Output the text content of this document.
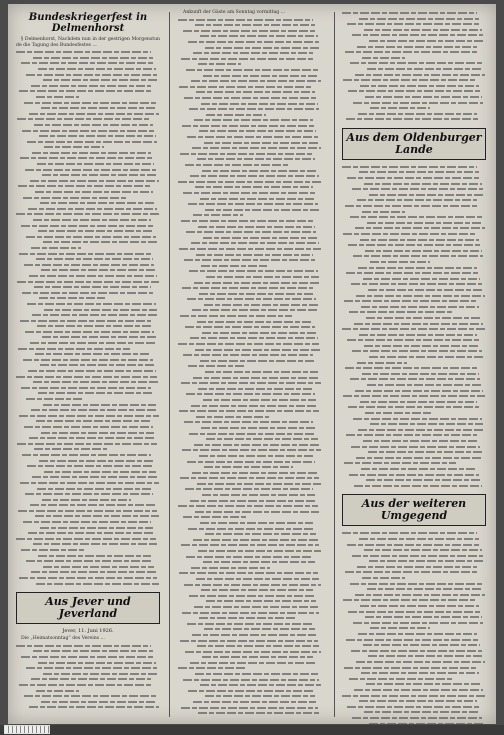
Bundeskriegerfest in Delmenhorst

§ Delmenhorst, Nachdem nun in der gestrigen Morgenstunde die Tagung des Bundesfestes ...

Aus Jever und Jeverland
Jever, 11. Juni 1926.

Die „Heimatsonntag“ des Vereins ...

Ankunft der Gäste am Sonntag vormittag ...

Aus dem Oldenburger Lande
Aus der weiteren Umgegend
